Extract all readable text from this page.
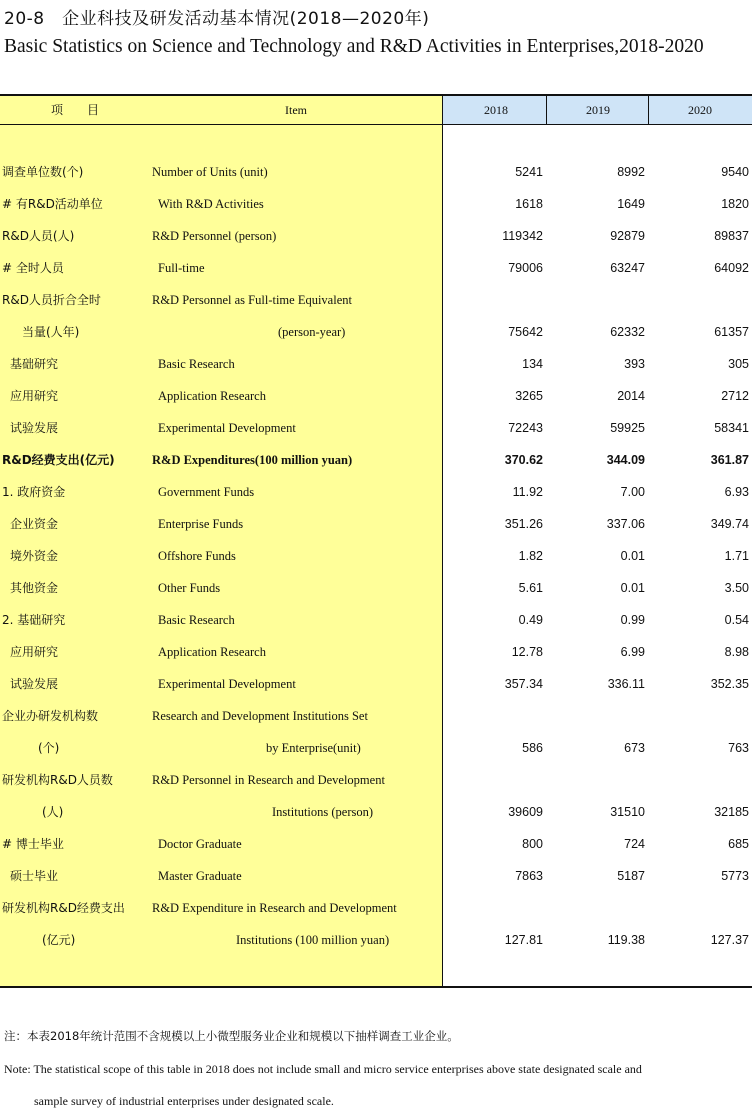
20-8　企业科技及研发活动基本情况(2018—2020年)
Basic Statistics on Science and Technology and R&D Activities in Enterprises,2018-2020
项　　目	Item	2018	2019	2020
调查单位数(个)	Number of Units (unit)	5241	8992	9540
# 有R&D活动单位	With R&D Activities	1618	1649	1820
R&D人员(人)	R&D Personnel (person)	119342	92879	89837
# 全时人员	Full-time	79006	63247	64092
R&D人员折合全时	R&D Personnel as Full-time Equivalent
当量(人年)	(person-year)	75642	62332	61357
基础研究	Basic Research	134	393	305
应用研究	Application Research	3265	2014	2712
试验发展	Experimental Development	72243	59925	58341
R&D经费支出(亿元)	R&D Expenditures(100 million yuan)	370.62	344.09	361.87
1. 政府资金	Government Funds	11.92	7.00	6.93
企业资金	Enterprise Funds	351.26	337.06	349.74
境外资金	Offshore Funds	1.82	0.01	1.71
其他资金	Other Funds	5.61	0.01	3.50
2. 基础研究	Basic Research	0.49	0.99	0.54
应用研究	Application Research	12.78	6.99	8.98
试验发展	Experimental Development	357.34	336.11	352.35
企业办研发机构数	Research and Development Institutions Set
(个)	by Enterprise(unit)	586	673	763
研发机构R&D人员数	R&D Personnel in Research and Development
(人)	Institutions (person)	39609	31510	32185
# 博士毕业	Doctor Graduate	800	724	685
硕士毕业	Master Graduate	7863	5187	5773
研发机构R&D经费支出 R&D Expenditure in Research and Development
(亿元)	Institutions (100 million yuan)	127.81	119.38	127.37
注：本表2018年统计范围不含规模以上小微型服务业企业和规模以下抽样调查工业企业。
Note: The statistical scope of this table in 2018 does not include small and micro service enterprises above state designated scale and
sample survey of industrial enterprises under designated scale.
